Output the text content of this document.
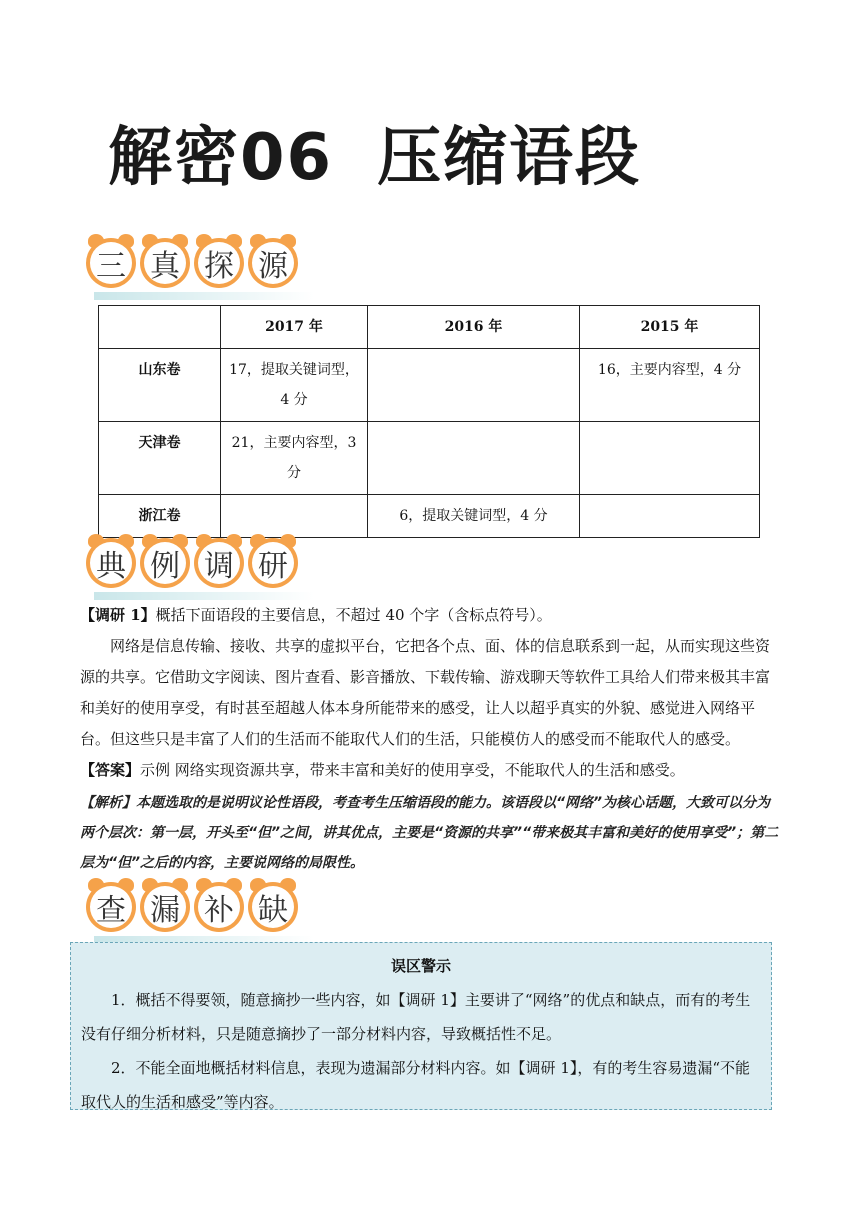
解密06 压缩语段
三 真 探 源
	2017 年	2016 年	2015 年
山东卷	17，提取关键词型，4 分		16，主要内容型，4 分
天津卷	21，主要内容型，3 分		
浙江卷		6，提取关键词型，4 分	
典 例 调 研
【调研 1】概括下面语段的主要信息，不超过 40 个字（含标点符号）。
网络是信息传输、接收、共享的虚拟平台，它把各个点、面、体的信息联系到一起，从而实现这些资源的共享。它借助文字阅读、图片查看、影音播放、下载传输、游戏聊天等软件工具给人们带来极其丰富和美好的使用享受，有时甚至超越人体本身所能带来的感受，让人以超乎真实的外貌、感觉进入网络平台。但这些只是丰富了人们的生活而不能取代人们的生活，只能模仿人的感受而不能取代人的感受。
【答案】示例 网络实现资源共享，带来丰富和美好的使用享受，不能取代人的生活和感受。
【解析】本题选取的是说明议论性语段，考查考生压缩语段的能力。该语段以“网络”为核心话题，大致可以分为两个层次：第一层，开头至“但”之间，讲其优点，主要是“资源的共享”“带来极其丰富和美好的使用享受”；第二层为“但”之后的内容，主要说网络的局限性。
查 漏 补 缺
误区警示

1．概括不得要领，随意摘抄一些内容，如【调研 1】主要讲了“网络”的优点和缺点，而有的考生没有仔细分析材料，只是随意摘抄了一部分材料内容，导致概括性不足。

2．不能全面地概括材料信息，表现为遗漏部分材料内容。如【调研 1】，有的考生容易遗漏“不能取代人的生活和感受”等内容。
